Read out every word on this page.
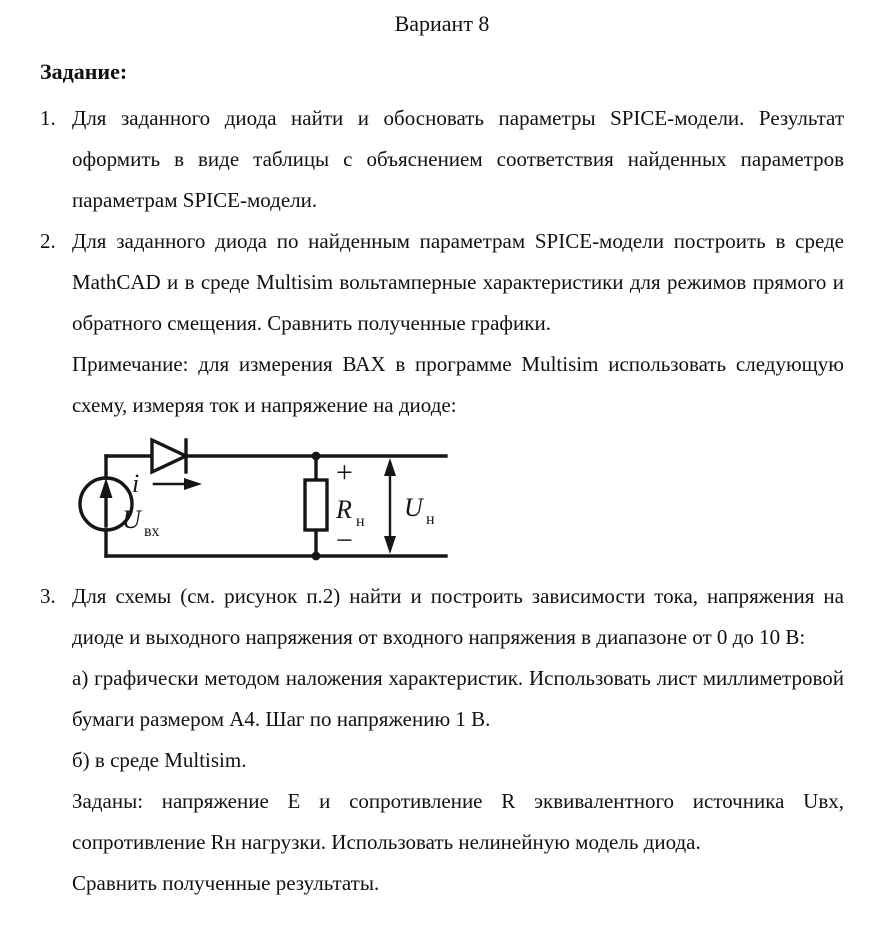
Вариант 8
Задание:
1. Для заданного диода найти и обосновать параметры SPICE-модели. Результат оформить в виде таблицы с объяснением соответствия найденных параметров параметрам SPICE-модели.
2. Для заданного диода по найденным параметрам SPICE-модели построить в среде MathCAD и в среде Multisim вольтамперные характеристики для режимов прямого и обратного смещения. Сравнить полученные графики.
Примечание: для измерения ВАХ в программе Multisim использовать следующую схему, измеряя ток и напряжение на диоде:
i
U вх
+
R н
−
U н
3. Для схемы (см. рисунок п.2) найти и построить зависимости тока, напряжения на диоде и выходного напряжения от входного напряжения в диапазоне от 0 до 10 В:
а) графически методом наложения характеристик. Использовать лист миллиметровой бумаги размером А4. Шаг по напряжению 1 В.
б) в среде Multisim.
Заданы: напряжение E и сопротивление R эквивалентного источника Uвх, сопротивление Rн нагрузки. Использовать нелинейную модель диода.
Сравнить полученные результаты.
